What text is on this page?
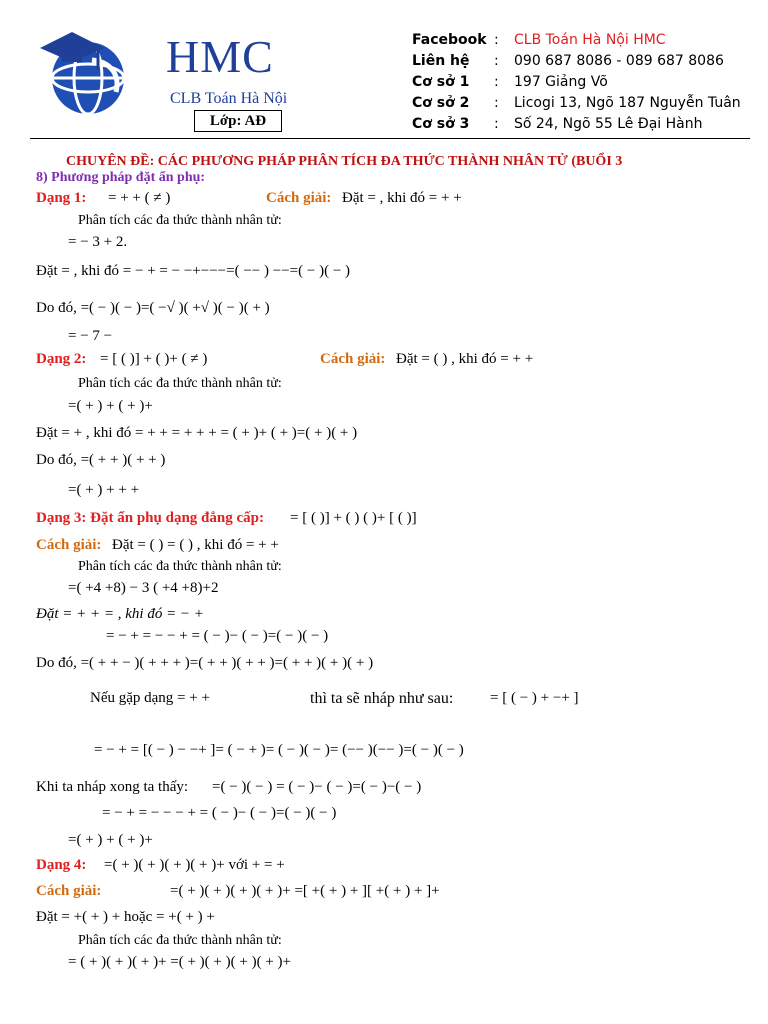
HMC
CLB Toán Hà Nội
Lớp: AĐ
Facebook : CLB Toán Hà Nội HMC
Liên hệ : 090 687 8086 - 089 687 8086
Cơ sở 1 : 197 Giảng Võ
Cơ sở 2 : Licogi 13, Ngõ 187 Nguyễn Tuân
Cơ sở 3 : Số 24, Ngõ 55 Lê Đại Hành
CHUYÊN ĐỀ: CÁC PHƯƠNG PHÁP PHÂN TÍCH ĐA THỨC THÀNH NHÂN TỬ (BUỔI 3
8) Phương pháp đặt ẩn phụ:
Dạng 1: = + + ( ≠ )	Cách giải: Đặt = , khi đó = + +
Phân tích các đa thức thành nhân tử:
= − 3 + 2.
Đặt = , khi đó = − + = − −+−−−=( −− ) −−=( − )( − )
Do đó, =( − )( − )=( −√ )( +√ )( − )( + )
= − 7 −
Dạng 2: = [ ( )] + ( )+ ( ≠ )	Cách giải: Đặt = ( ) , khi đó = + +
Phân tích các đa thức thành nhân tử:
=( + ) + ( + )+
Đặt = + , khi đó = + + = + + + = ( + )+ ( + )=( + )( + )
Do đó, =( + + )( + + )
=( + ) + + +
Dạng 3: Đặt ẩn phụ dạng đẳng cấp: = [ ( )] + ( ) ( )+ [ ( )]
Cách giải: Đặt = ( ) = ( ) , khi đó = + +
Phân tích các đa thức thành nhân tử:
=( +4 +8) − 3 ( +4 +8)+2
Đặt = + + = , khi đó = − +
= − + = − − + = ( − )− ( − )=( − )( − )
Do đó, =( + + − )( + + + )=( + + )( + + )=( + + )( + )( + )
Nếu gặp dạng = + +	thì ta sẽ nháp như sau: = [ ( − ) + −+ ]
= − + = [( − ) − −+ ]= ( − + )= ( − )( − )= (−− )(−− )=( − )( − )
Khi ta nháp xong ta thấy: =( − )( − ) = ( − )− ( − )=( − )−( − )
= − + = − − − + = ( − )− ( − )=( − )( − )
=( + ) + ( + )+
Dạng 4: =( + )( + )( + )( + )+ với + = +
Cách giải:	=( + )( + )( + )( + )+ =[ +( + ) + ][ +( + ) + ]+
Đặt = +( + ) + hoặc = +( + ) +
Phân tích các đa thức thành nhân tử:
= ( + )( + )( + )+ =( + )( + )( + )( + )+
